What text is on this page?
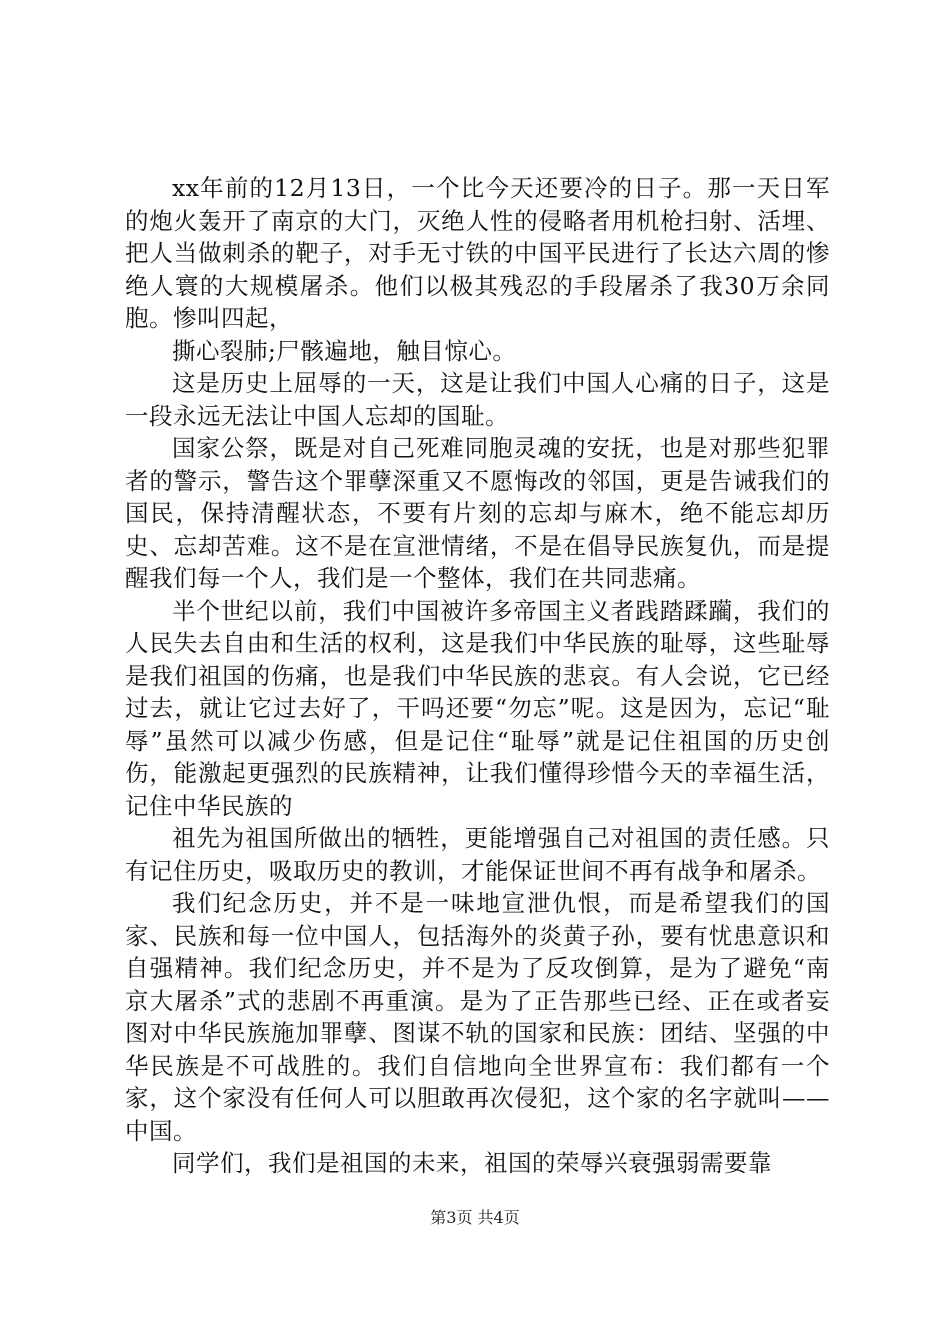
xx年前的12月13日，一个比今天还要冷的日子。那一天日军的炮火轰开了南京的大门，灭绝人性的侵略者用机枪扫射、活埋、把人当做刺杀的靶子，对手无寸铁的中国平民进行了长达六周的惨绝人寰的大规模屠杀。他们以极其残忍的手段屠杀了我30万余同胞。惨叫四起，

撕心裂肺;尸骸遍地，触目惊心。

这是历史上屈辱的一天，这是让我们中国人心痛的日子，这是一段永远无法让中国人忘却的国耻。

国家公祭，既是对自己死难同胞灵魂的安抚，也是对那些犯罪者的警示，警告这个罪孽深重又不愿悔改的邻国，更是告诫我们的国民，保持清醒状态，不要有片刻的忘却与麻木，绝不能忘却历史、忘却苦难。这不是在宣泄情绪，不是在倡导民族复仇，而是提醒我们每一个人，我们是一个整体，我们在共同悲痛。

半个世纪以前，我们中国被许多帝国主义者践踏蹂躏，我们的人民失去自由和生活的权利，这是我们中华民族的耻辱，这些耻辱是我们祖国的伤痛，也是我们中华民族的悲哀。有人会说，它已经过去，就让它过去好了，干吗还要“勿忘”呢。这是因为，忘记“耻辱”虽然可以减少伤感，但是记住“耻辱”就是记住祖国的历史创伤，能激起更强烈的民族精神，让我们懂得珍惜今天的幸福生活，记住中华民族的

祖先为祖国所做出的牺牲，更能增强自己对祖国的责任感。只有记住历史，吸取历史的教训，才能保证世间不再有战争和屠杀。

我们纪念历史，并不是一味地宣泄仇恨，而是希望我们的国家、民族和每一位中国人，包括海外的炎黄子孙，要有忧患意识和自强精神。我们纪念历史，并不是为了反攻倒算，是为了避免“南京大屠杀”式的悲剧不再重演。是为了正告那些已经、正在或者妄图对中华民族施加罪孽、图谋不轨的国家和民族：团结、坚强的中华民族是不可战胜的。我们自信地向全世界宣布：我们都有一个家，这个家没有任何人可以胆敢再次侵犯，这个家的名字就叫——中国。

同学们，我们是祖国的未来，祖国的荣辱兴衰强弱需要靠

第3页 共4页
